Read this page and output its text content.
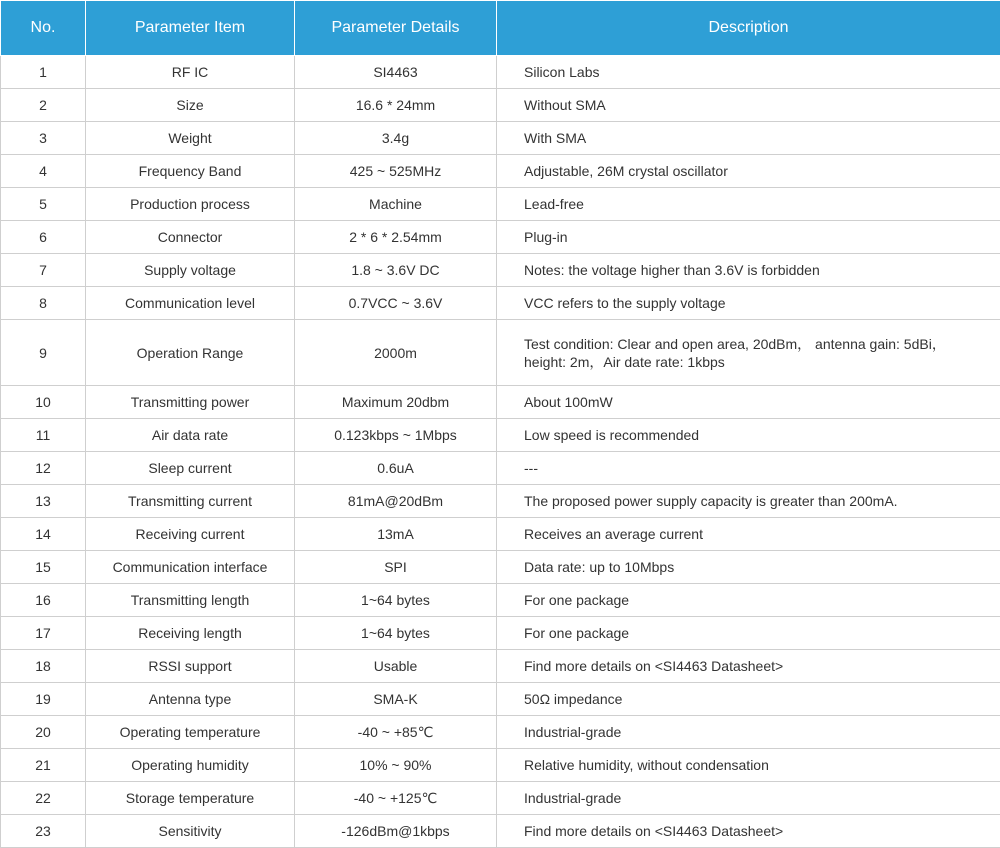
No.	Parameter Item	Parameter Details	Description
1	RF IC	SI4463	Silicon Labs
2	Size	16.6 * 24mm	Without SMA
3	Weight	3.4g	With SMA
4	Frequency Band	425 ~ 525MHz	Adjustable, 26M crystal oscillator
5	Production process	Machine	Lead-free
6	Connector	2 * 6 * 2.54mm	Plug-in
7	Supply voltage	1.8 ~ 3.6V DC	Notes: the voltage higher than 3.6V is forbidden
8	Communication level	0.7VCC ~ 3.6V	VCC refers to the supply voltage
9	Operation Range	2000m	Test condition: Clear and open area, 20dBm， antenna gain: 5dBi， height: 2m，Air date rate: 1kbps
10	Transmitting power	Maximum 20dbm	About 100mW
11	Air data rate	0.123kbps ~ 1Mbps	Low speed is recommended
12	Sleep current	0.6uA	---
13	Transmitting current	81mA@20dBm	The proposed power supply capacity is greater than 200mA.
14	Receiving current	13mA	Receives an average current
15	Communication interface	SPI	Data rate: up to 10Mbps
16	Transmitting length	1~64 bytes	For one package
17	Receiving length	1~64 bytes	For one package
18	RSSI support	Usable	Find more details on <SI4463 Datasheet>
19	Antenna type	SMA-K	50Ω impedance
20	Operating temperature	-40 ~ +85℃	Industrial-grade
21	Operating humidity	10% ~ 90%	Relative humidity, without condensation
22	Storage temperature	-40 ~ +125℃	Industrial-grade
23	Sensitivity	-126dBm@1kbps	Find more details on <SI4463 Datasheet>
